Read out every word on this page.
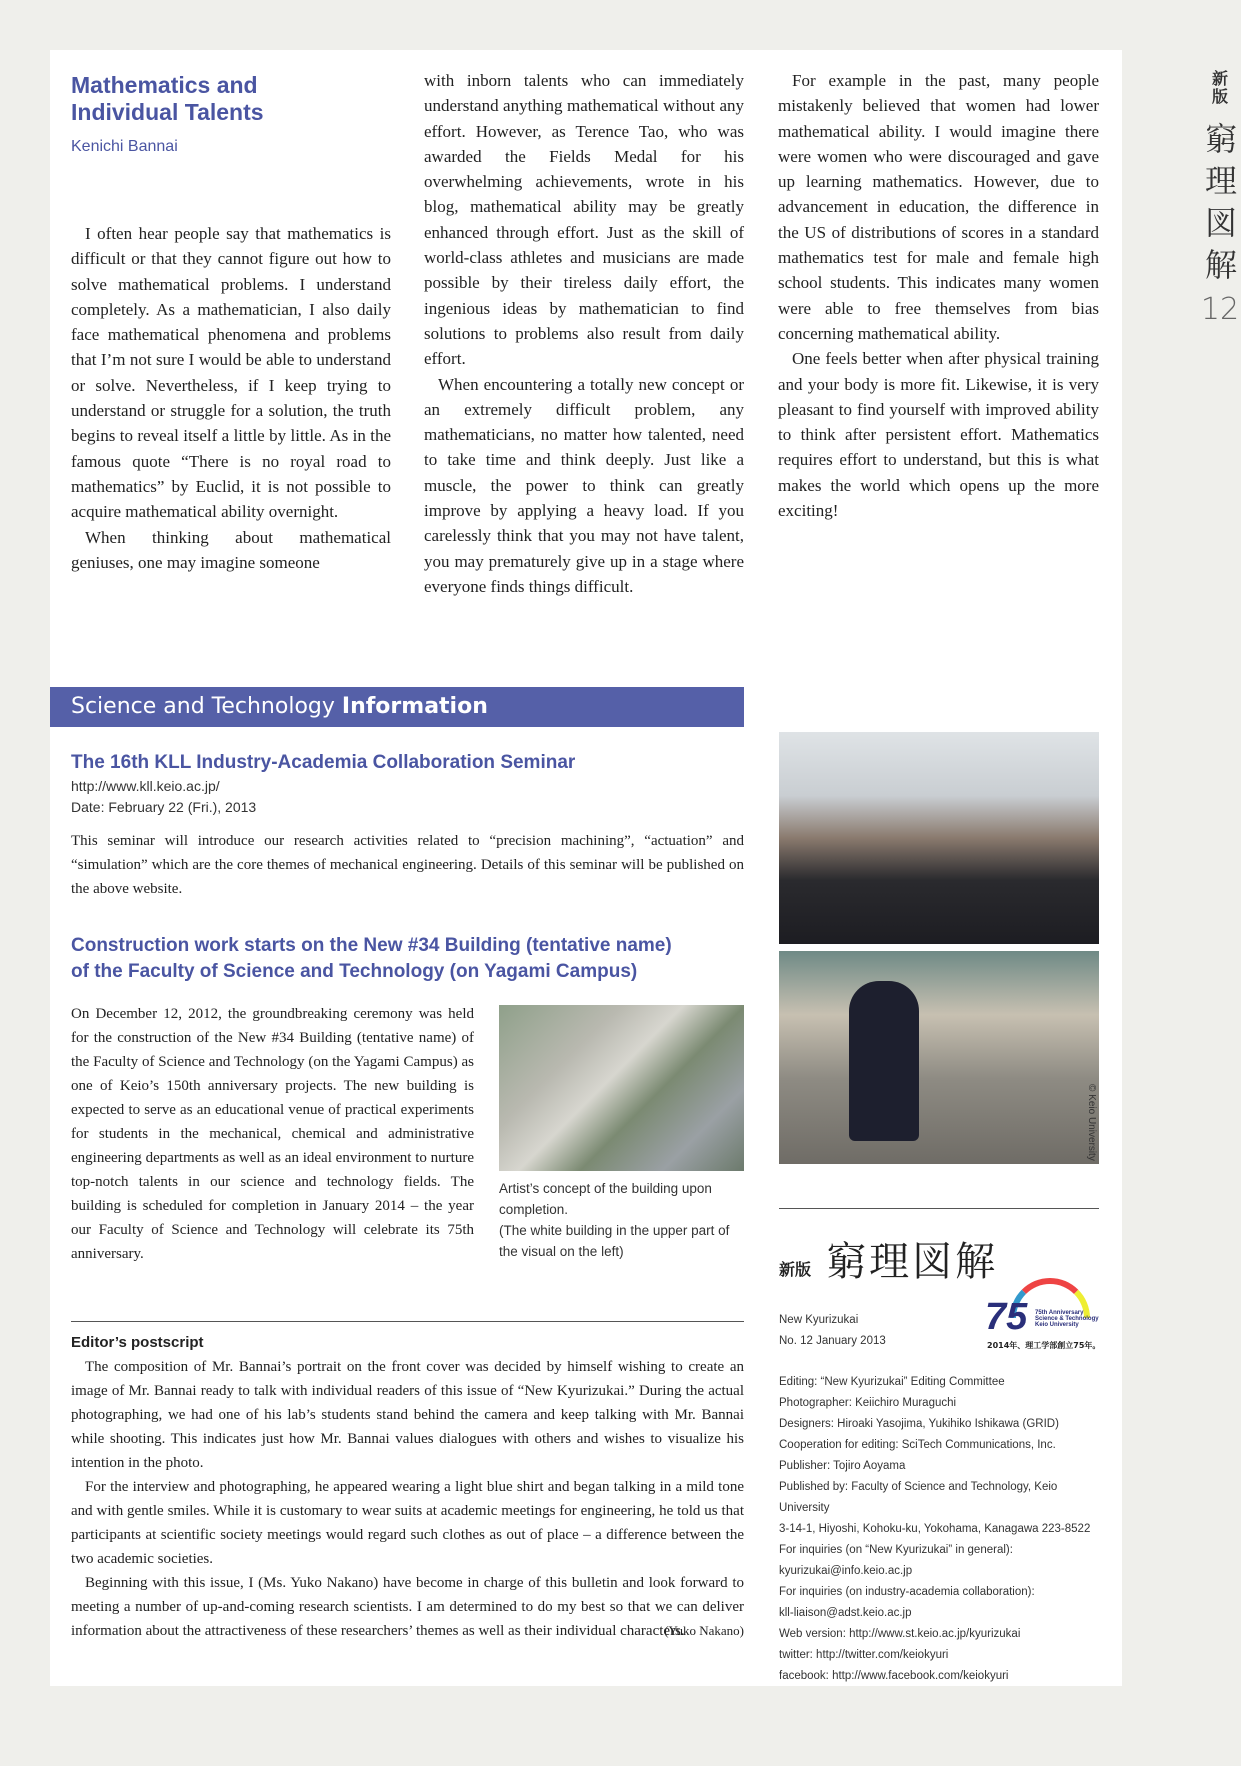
Mathematics and Individual Talents
Kenichi Bannai

I often hear people say that mathematics is difficult or that they cannot figure out how to solve mathematical problems. I understand completely. As a mathematician, I also daily face mathematical phenomena and problems that I’m not sure I would be able to understand or solve. Nevertheless, if I keep trying to understand or struggle for a solution, the truth begins to reveal itself a little by little. As in the famous quote “There is no royal road to mathematics” by Euclid, it is not possible to acquire mathematical ability overnight.

When thinking about mathematical geniuses, one may imagine someone

with inborn talents who can immediately understand anything mathematical without any effort. However, as Terence Tao, who was awarded the Fields Medal for his overwhelming achievements, wrote in his blog, mathematical ability may be greatly enhanced through effort. Just as the skill of world-class athletes and musicians are made possible by their tireless daily effort, the ingenious ideas by mathematician to find solutions to problems also result from daily effort.

When encountering a totally new concept or an extremely difficult problem, any mathematicians, no matter how talented, need to take time and think deeply. Just like a muscle, the power to think can greatly improve by applying a heavy load. If you carelessly think that you may not have talent, you may prematurely give up in a stage where everyone finds things difficult.

For example in the past, many people mistakenly believed that women had lower mathematical ability. I would imagine there were women who were discouraged and gave up learning mathematics. However, due to advancement in education, the difference in the US of distributions of scores in a standard mathematics test for male and female high school students. This indicates many women were able to free themselves from bias concerning mathematical ability.

One feels better when after physical training and your body is more fit. Likewise, it is very pleasant to find yourself with improved ability to think after persistent effort. Mathematics requires effort to understand, but this is what makes the world which opens up the more exciting!

Science and Technology Information
The 16th KLL Industry-Academia Collaboration Seminar
http://www.kll.keio.ac.jp/
Date: February 22 (Fri.), 2013
This seminar will introduce our research activities related to “precision machining”, “actuation” and “simulation” which are the core themes of mechanical engineering. Details of this seminar will be published on the above website.
Construction work starts on the New #34 Building (tentative name)
of the Faculty of Science and Technology (on Yagami Campus)
On December 12, 2012, the groundbreaking ceremony was held for the construction of the New #34 Building (tentative name) of the Faculty of Science and Technology (on the Yagami Campus) as one of Keio’s 150th anniversary projects. The new building is expected to serve as an educational venue of practical experiments for students in the mechanical, chemical and administrative engineering departments as well as an ideal environment to nurture top-notch talents in our science and technology fields. The building is scheduled for completion in January 2014 – the year our Faculty of Science and Technology will celebrate its 75th anniversary.
Artist’s concept of the building upon completion.
(The white building in the upper part of the visual on the left)
© Keio University
新版 窮理図解
75 75th Anniversary Science & Technology Keio University
2014年、理工学部創立75年。
New Kyurizukai
No. 12 January 2013
Editing: “New Kyurizukai” Editing Committee
Photographer: Keiichiro Muraguchi
Designers: Hiroaki Yasojima, Yukihiko Ishikawa (GRID)
Cooperation for editing: SciTech Communications, Inc.
Publisher: Tojiro Aoyama
Published by: Faculty of Science and Technology, Keio University
3-14-1, Hiyoshi, Kohoku-ku, Yokohama, Kanagawa 223-8522
For inquiries (on “New Kyurizukai” in general):
kyurizukai@info.keio.ac.jp
For inquiries (on industry-academia collaboration):
kll-liaison@adst.keio.ac.jp
Web version: http://www.st.keio.ac.jp/kyurizukai
twitter: http://twitter.com/keiokyuri
facebook: http://www.facebook.com/keiokyuri
Editor’s postscript

The composition of Mr. Bannai’s portrait on the front cover was decided by himself wishing to create an image of Mr. Bannai ready to talk with individual readers of this issue of “New Kyurizukai.” During the actual photographing, we had one of his lab’s students stand behind the camera and keep talking with Mr. Bannai while shooting. This indicates just how Mr. Bannai values dialogues with others and wishes to visualize his intention in the photo.

For the interview and photographing, he appeared wearing a light blue shirt and began talking in a mild tone and with gentle smiles. While it is customary to wear suits at academic meetings for engineering, he told us that participants at scientific society meetings would regard such clothes as out of place – a difference between the two academic societies.

Beginning with this issue, I (Ms. Yuko Nakano) have become in charge of this bulletin and look forward to meeting a number of up-and-coming research scientists. I am determined to do my best so that we can deliver information about the attractiveness of these researchers’ themes as well as their individual characters.

(Yuko Nakano)
新版
窮
理
図
解
12
